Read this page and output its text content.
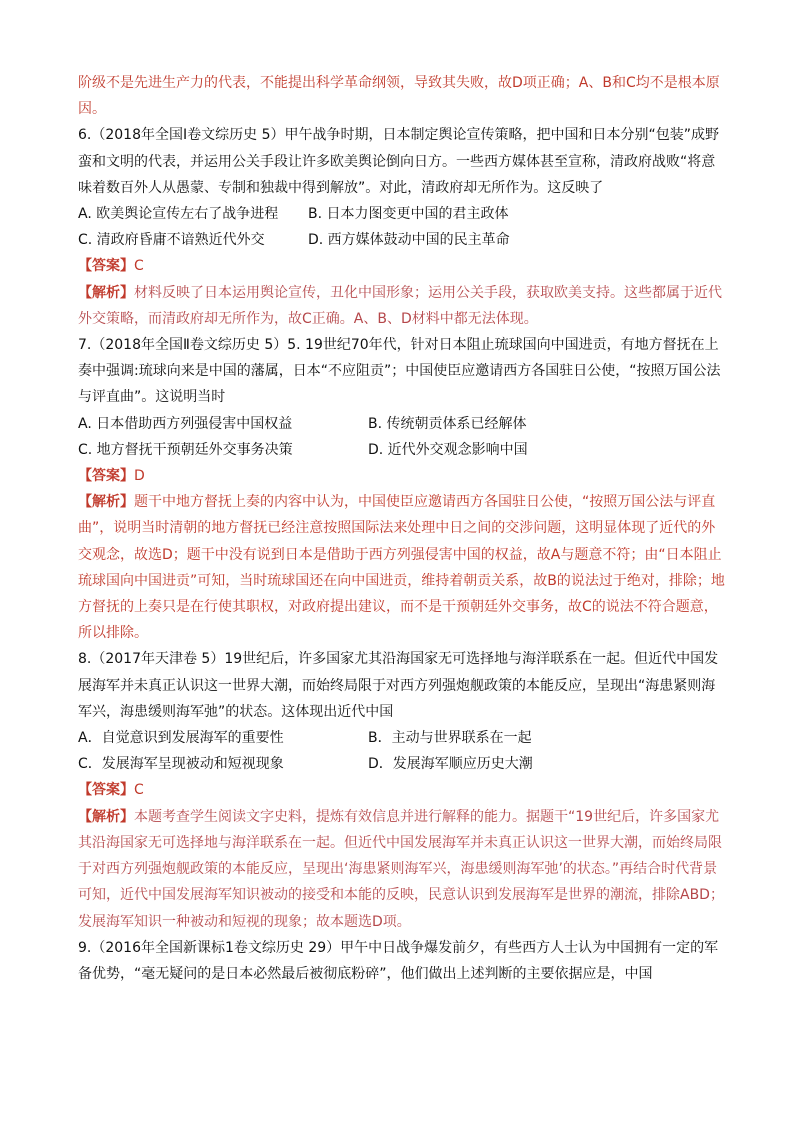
阶级不是先进生产力的代表，不能提出科学革命纲领，导致其失败，故D项正确；A、B和C均不是根本原
因。

6.（2018年全国Ⅰ卷文综历史 5）甲午战争时期，日本制定舆论宣传策略，把中国和日本分别“包装”成野蛮和文明的代表，并运用公关手段让许多欧美舆论倒向日方。一些西方媒体甚至宣称，清政府战败“将意味着数百外人从愚蒙、专制和独裁中得到解放”。对此，清政府却无所作为。这反映了

A. 欧美舆论宣传左右了战争进程	B. 日本力图变更中国的君主政体
C. 清政府昏庸不谙熟近代外交	D. 西方媒体鼓动中国的民主革命

【答案】C

【解析】材料反映了日本运用舆论宣传，丑化中国形象；运用公关手段，获取欧美支持。这些都属于近代外交策略，而清政府却无所作为，故C正确。A、B、D材料中都无法体现。

7.（2018年全国Ⅱ卷文综历史 5）5. 19世纪70年代，针对日本阻止琉球国向中国进贡，有地方督抚在上奏中强调:琉球向来是中国的藩属，日本“不应阻贡”；中国使臣应邀请西方各国驻日公使，“按照万国公法与评直曲”。这说明当时

A. 日本借助西方列强侵害中国权益	B. 传统朝贡体系已经解体
C. 地方督抚干预朝廷外交事务决策	D. 近代外交观念影响中国

【答案】D

【解析】题干中地方督抚上奏的内容中认为，中国使臣应邀请西方各国驻日公使，“按照万国公法与评直曲”，说明当时清朝的地方督抚已经注意按照国际法来处理中日之间的交涉问题，这明显体现了近代的外交观念，故选D；题干中没有说到日本是借助于西方列强侵害中国的权益，故A与题意不符；由“日本阻止琉球国向中国进贡”可知，当时琉球国还在向中国进贡，维持着朝贡关系，故B的说法过于绝对，排除；地方督抚的上奏只是在行使其职权，对政府提出建议，而不是干预朝廷外交事务，故C的说法不符合题意，所以排除。

8.（2017年天津卷 5）19世纪后，许多国家尤其沿海国家无可选择地与海洋联系在一起。但近代中国发展海军并未真正认识这一世界大潮，而始终局限于对西方列强炮舰政策的本能反应，呈现出“海患紧则海军兴，海患缓则海军弛”的状态。这体现出近代中国

A．自觉意识到发展海军的重要性	B．主动与世界联系在一起
C．发展海军呈现被动和短视现象	D．发展海军顺应历史大潮

【答案】C

【解析】本题考查学生阅读文字史料，提炼有效信息并进行解释的能力。据题干“19世纪后，许多国家尤其沿海国家无可选择地与海洋联系在一起。但近代中国发展海军并未真正认识这一世界大潮，而始终局限于对西方列强炮舰政策的本能反应，呈现出‘海患紧则海军兴，海患缓则海军弛’的状态。”再结合时代背景可知，近代中国发展海军知识被动的接受和本能的反映，民意认识到发展海军是世界的潮流，排除ABD；发展海军知识一种被动和短视的现象；故本题选D项。

9.（2016年全国新课标1卷文综历史 29）甲午中日战争爆发前夕，有些西方人士认为中国拥有一定的军备优势，“毫无疑问的是日本必然最后被彻底粉碎”，他们做出上述判断的主要依据应是，中国
